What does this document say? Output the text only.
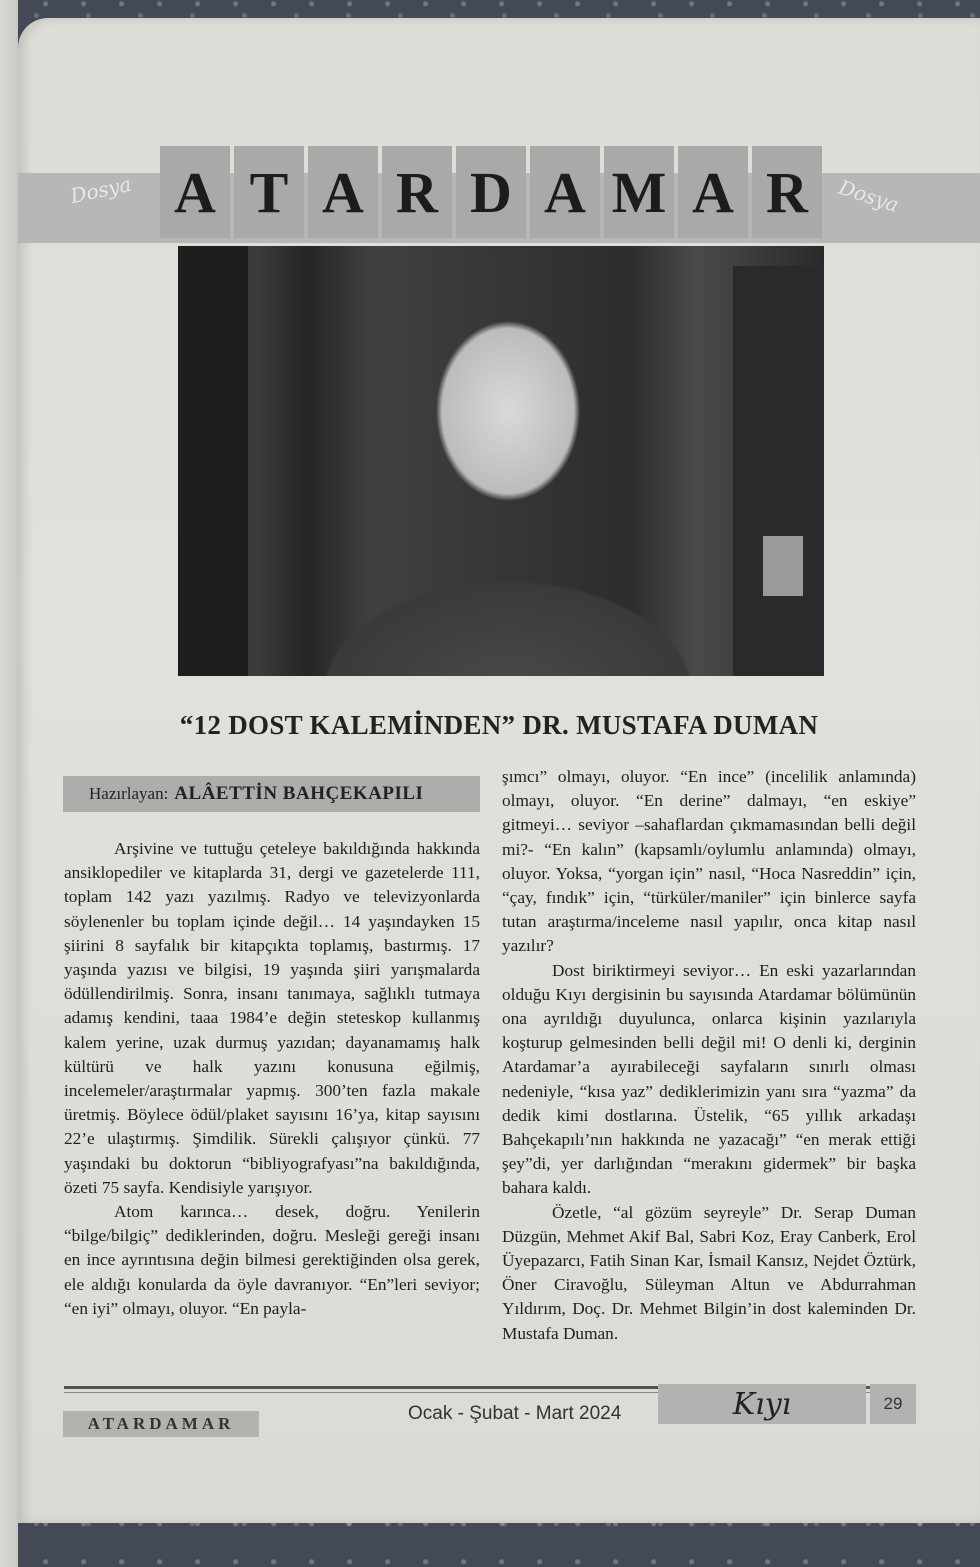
Dosya	Dosya
A T A R D A M A R
“12 DOST KALEMİNDEN” DR. MUSTAFA DUMAN
Hazırlayan: ALÂETTİN BAHÇEKAPILI

Arşivine ve tuttuğu çeteleye bakıldığında hakkında ansiklopediler ve kitaplarda 31, dergi ve gazetelerde 111, toplam 142 yazı yazılmış. Radyo ve televizyonlarda söylenenler bu toplam içinde değil… 14 yaşındayken 15 şiirini 8 sayfalık bir kitapçıkta toplamış, bastırmış. 17 yaşında yazısı ve bilgisi, 19 yaşında şiiri yarışmalarda ödüllendirilmiş. Sonra, insanı tanımaya, sağlıklı tutmaya adamış kendini, taaa 1984’e değin steteskop kullanmış kalem yerine, uzak durmuş yazıdan; dayanamamış halk kültürü ve halk yazını konusuna eğilmiş, incelemeler/araştırmalar yapmış. 300’ten fazla makale üretmiş. Böylece ödül/plaket sayısını 16’ya, kitap sayısını 22’e ulaştırmış. Şimdilik. Sürekli çalışıyor çünkü. 77 yaşındaki bu doktorun “bibliyografyası”na bakıldığında, özeti 75 sayfa. Kendisiyle yarışıyor.

Atom karınca… desek, doğru. Yenilerin “bilge/bilgiç” dediklerinden, doğru. Mesleği gereği insanı en ince ayrıntısına değin bilmesi gerektiğinden olsa gerek, ele aldığı konularda da öyle davranıyor. “En”leri seviyor; “en iyi” olmayı, oluyor. “En payla-

şımcı” olmayı, oluyor. “En ince” (incelilik anlamında) olmayı, oluyor. “En derine” dalmayı, “en eskiye” gitmeyi… seviyor –sahaflardan çıkmamasından belli değil mi?- “En kalın” (kapsamlı/oylumlu anlamında) olmayı, oluyor. Yoksa, “yorgan için” nasıl, “Hoca Nasreddin” için, “çay, fındık” için, “türküler/maniler” için binlerce sayfa tutan araştırma/inceleme nasıl yapılır, onca kitap nasıl yazılır?

Dost biriktirmeyi seviyor… En eski yazarlarından olduğu Kıyı dergisinin bu sayısında Atardamar bölümünün ona ayrıldığı duyulunca, onlarca kişinin yazılarıyla koşturup gelmesinden belli değil mi! O denli ki, derginin Atardamar’a ayırabileceği sayfaların sınırlı olması nedeniyle, “kısa yaz” dediklerimizin yanı sıra “yazma” da dedik kimi dostlarına. Üstelik, “65 yıllık arkadaşı Bahçekapılı’nın hakkında ne yazacağı” “en merak ettiği şey”di, yer darlığından “merakını gidermek” bir başka bahara kaldı.

Özetle, “al gözüm seyreyle” Dr. Serap Duman Düzgün, Mehmet Akif Bal, Sabri Koz, Eray Canberk, Erol Üyepazarcı, Fatih Sinan Kar, İsmail Kansız, Nejdet Öztürk, Öner Ciravoğlu, Süleyman Altun ve Abdurrahman Yıldırım, Doç. Dr. Mehmet Bilgin’in dost kaleminden Dr. Mustafa Duman.

ATARDAMAR	Ocak - Şubat - Mart 2024	Kıyı	29
